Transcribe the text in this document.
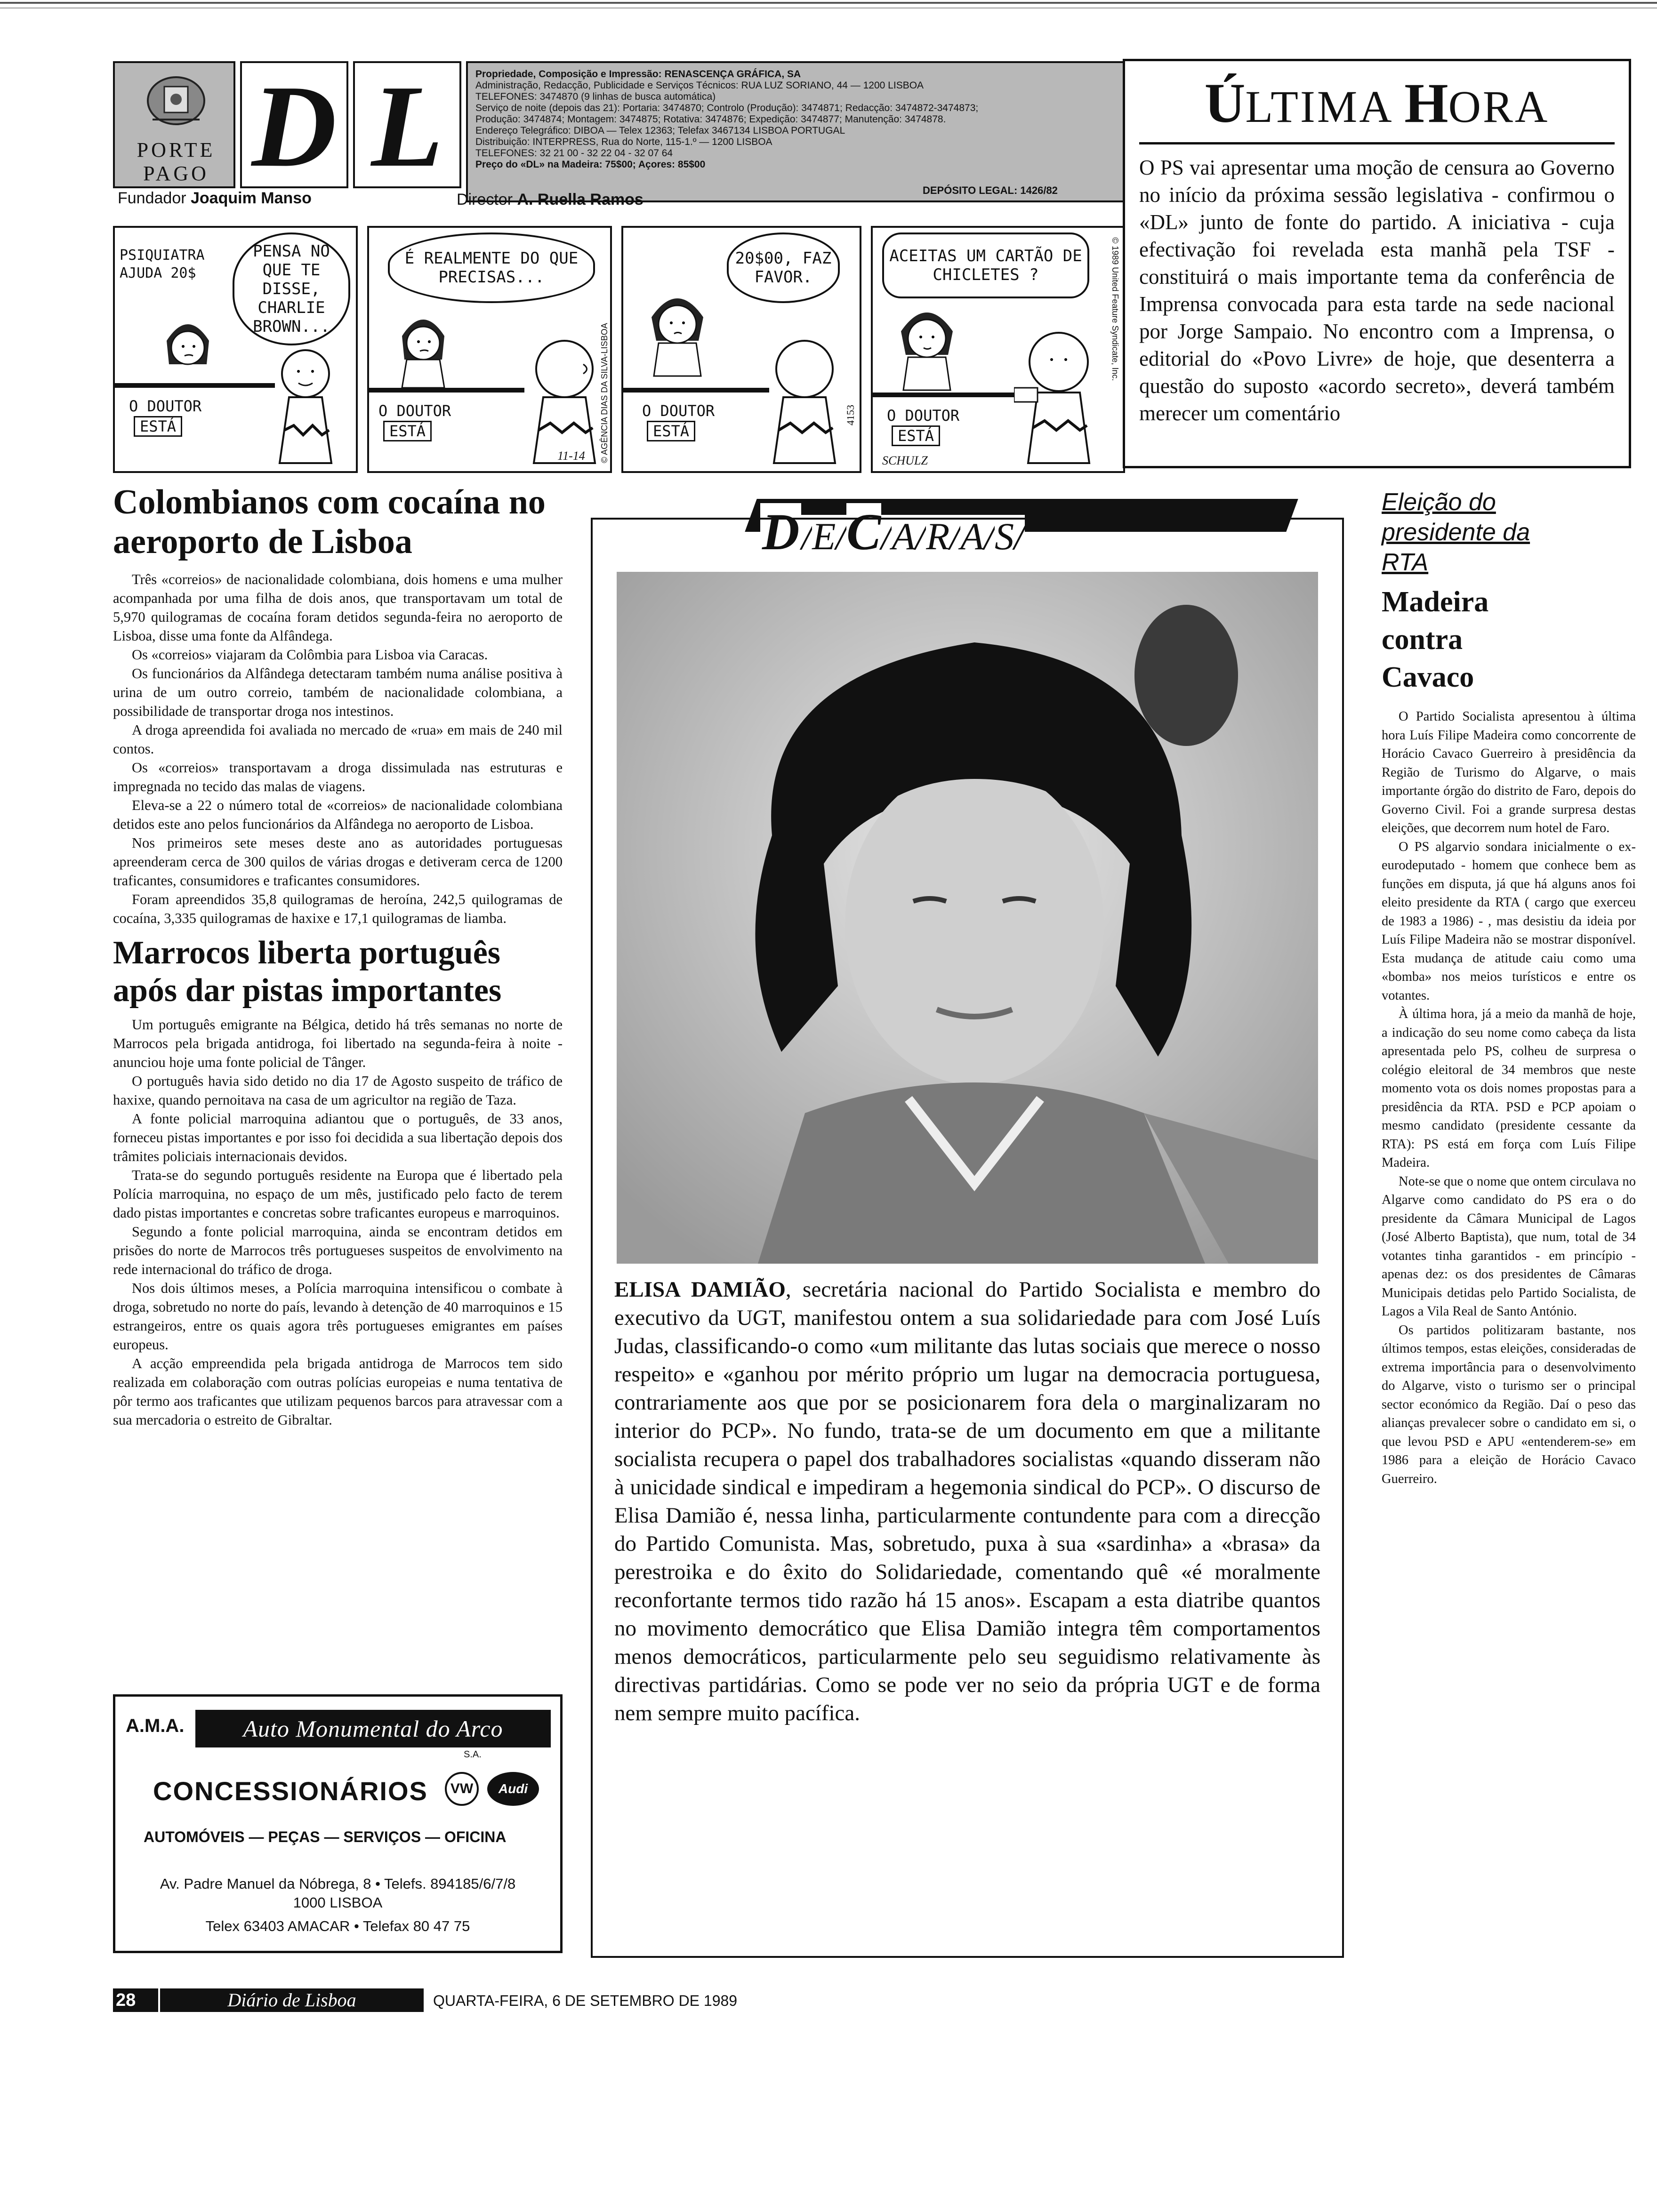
PORTE PAGO D L	Propriedade, Composição e Impressão: RENASCENÇA GRÁFICA, SA
Administração, Redacção, Publicidade e Serviços Técnicos: RUA LUZ SORIANO, 44 — 1200 LISBOA
TELEFONES: 3474870 (9 linhas de busca automática)
Serviço de noite (depois das 21): Portaria: 3474870; Controlo (Produção): 3474871; Redacção: 3474872-3474873;
Produção: 3474874; Montagem: 3474875; Rotativa: 3474876; Expedição: 3474877; Manutenção: 3474878.
Endereço Telegráfico: DIBOA — Telex 12363; Telefax 3467134 LISBOA PORTUGAL
Distribuição: INTERPRESS, Rua do Norte, 115-1.º — 1200 LISBOA
TELEFONES: 32 21 00 - 32 22 04 - 32 07 64
Preço do «DL» na Madeira: 75$00; Açores: 85$00
Fundador Joaquim Manso	Director A. Ruella Ramos
DEPÓSITO LEGAL: 1426/82
PSIQUIATRA AJUDA 20$
PENSA NO QUE TE DISSE, CHARLIE BROWN...
O DOUTOR
ESTÁ
É REALMENTE DO QUE PRECISAS...
O DOUTOR
ESTÁ
11-14 © AGÊNCIA DIAS DA SILVA-LISBOA
20$00, FAZ FAVOR.
O DOUTOR
ESTÁ
4153
ACEITAS UM CARTÃO DE CHICLETES ?
O DOUTOR
ESTÁ
SCHULZ
© 1989 United Feature Syndicate, Inc.
ÚLTIMA HORA
O PS vai apresentar uma moção de censura ao Governo no início da próxima sessão legislativa - confirmou o «DL» junto de fonte do partido. A iniciativa - cuja efectivação foi revelada esta manhã pela TSF - constituirá o mais importante tema da conferência de Imprensa convocada para esta tarde na sede nacional por Jorge Sampaio. No encontro com a Imprensa, o editorial do «Povo Livre» de hoje, que desenterra a questão do suposto «acordo secreto», deverá também merecer um comentário
Colombianos com cocaína no aeroporto de Lisboa

Três «correios» de nacionalidade colombiana, dois homens e uma mulher acompanhada por uma filha de dois anos, que transportavam um total de 5,970 quilogramas de cocaína foram detidos segunda-feira no aeroporto de Lisboa, disse uma fonte da Alfândega.

Os «correios» viajaram da Colômbia para Lisboa via Caracas.

Os funcionários da Alfândega detectaram também numa análise positiva à urina de um outro correio, também de nacionalidade colombiana, a possibilidade de transportar droga nos intestinos.

A droga apreendida foi avaliada no mercado de «rua» em mais de 240 mil contos.

Os «correios» transportavam a droga dissimulada nas estruturas e impregnada no tecido das malas de viagens.

Eleva-se a 22 o número total de «correios» de nacionalidade colombiana detidos este ano pelos funcionários da Alfândega no aeroporto de Lisboa.

Nos primeiros sete meses deste ano as autoridades portuguesas apreenderam cerca de 300 quilos de várias drogas e detiveram cerca de 1200 traficantes, consumidores e traficantes consumidores.

Foram apreendidos 35,8 quilogramas de heroína, 242,5 quilogramas de cocaína, 3,335 quilogramas de haxixe e 17,1 quilogramas de liamba.

Marrocos liberta português após dar pistas importantes

Um português emigrante na Bélgica, detido há três semanas no norte de Marrocos pela brigada antidroga, foi libertado na segunda-feira à noite - anunciou hoje uma fonte policial de Tânger.

O português havia sido detido no dia 17 de Agosto suspeito de tráfico de haxixe, quando pernoitava na casa de um agricultor na região de Taza.

A fonte policial marroquina adiantou que o português, de 33 anos, forneceu pistas importantes e por isso foi decidida a sua libertação depois dos trâmites policiais internacionais devidos.

Trata-se do segundo português residente na Europa que é libertado pela Polícia marroquina, no espaço de um mês, justificado pelo facto de terem dado pistas importantes e concretas sobre traficantes europeus e marroquinos.

Segundo a fonte policial marroquina, ainda se encontram detidos em prisões do norte de Marrocos três portugueses suspeitos de envolvimento na rede internacional do tráfico de droga.

Nos dois últimos meses, a Polícia marroquina intensificou o combate à droga, sobretudo no norte do país, levando à detenção de 40 marroquinos e 15 estrangeiros, entre os quais agora três portugueses emigrantes em países europeus.

A acção empreendida pela brigada antidroga de Marrocos tem sido realizada em colaboração com outras polícias europeias e numa tentativa de pôr termo aos traficantes que utilizam pequenos barcos para atravessar com a sua mercadoria o estreito de Gibraltar.

A.M.A.	Auto Monumental do Arco
S.A.
CONCESSIONÁRIOS VW Audi
AUTOMÓVEIS — PEÇAS — SERVIÇOS — OFICINA
Av. Padre Manuel da Nóbrega, 8 • Telefs. 894185/6/7/8
1000 LISBOA
Telex 63403 AMACAR • Telefax 80 47 75
D/E/C/A/R/A/S/
ELISA DAMIÃO, secretária nacional do Partido Socialista e membro do executivo da UGT, manifestou ontem a sua solidariedade para com José Luís Judas, classificando-o como «um militante das lutas sociais que merece o nosso respeito» e «ganhou por mérito próprio um lugar na democracia portuguesa, contrariamente aos que por se posicionarem fora dela o marginalizaram no interior do PCP». No fundo, trata-se de um documento em que a militante socialista recupera o papel dos trabalhadores socialistas «quando disseram não à unicidade sindical e impediram a hegemonia sindical do PCP». O discurso de Elisa Damião é, nessa linha, particularmente contundente para com a direcção do Partido Comunista. Mas, sobretudo, puxa à sua «sardinha» a «brasa» da perestroika e do êxito do Solidariedade, comentando quê «é moralmente reconfortante termos tido razão há 15 anos». Escapam a esta diatribe quantos no movimento democrático que Elisa Damião integra têm comportamentos menos democráticos, particularmente pelo seu seguidismo relativamente às directivas partidárias. Como se pode ver no seio da própria UGT e de forma nem sempre muito pacífica.
Eleição do presidente da RTA
Madeira contra Cavaco

O Partido Socialista apresentou à última hora Luís Filipe Madeira como concorrente de Horácio Cavaco Guerreiro à presidência da Região de Turismo do Algarve, o mais importante órgão do distrito de Faro, depois do Governo Civil. Foi a grande surpresa destas eleições, que decorrem num hotel de Faro.

O PS algarvio sondara inicialmente o ex-eurodeputado - homem que conhece bem as funções em disputa, já que há alguns anos foi eleito presidente da RTA ( cargo que exerceu de 1983 a 1986) - , mas desistiu da ideia por Luís Filipe Madeira não se mostrar disponível. Esta mudança de atitude caiu como uma «bomba» nos meios turísticos e entre os votantes.

À última hora, já a meio da manhã de hoje, a indicação do seu nome como cabeça da lista apresentada pelo PS, colheu de surpresa o colégio eleitoral de 34 membros que neste momento vota os dois nomes propostas para a presidência da RTA. PSD e PCP apoiam o mesmo candidato (presidente cessante da RTA): PS está em força com Luís Filipe Madeira.

Note-se que o nome que ontem circulava no Algarve como candidato do PS era o do presidente da Câmara Municipal de Lagos (José Alberto Baptista), que num, total de 34 votantes tinha garantidos - em princípio - apenas dez: os dos presidentes de Câmaras Municipais detidas pelo Partido Socialista, de Lagos a Vila Real de Santo António.

Os partidos politizaram bastante, nos últimos tempos, estas eleições, consideradas de extrema importância para o desenvolvimento do Algarve, visto o turismo ser o principal sector económico da Região. Daí o peso das alianças prevalecer sobre o candidato em si, o que levou PSD e APU «entenderem-se» em 1986 para a eleição de Horácio Cavaco Guerreiro.

28	Diário de Lisboa	QUARTA-FEIRA, 6 DE SETEMBRO DE 1989
